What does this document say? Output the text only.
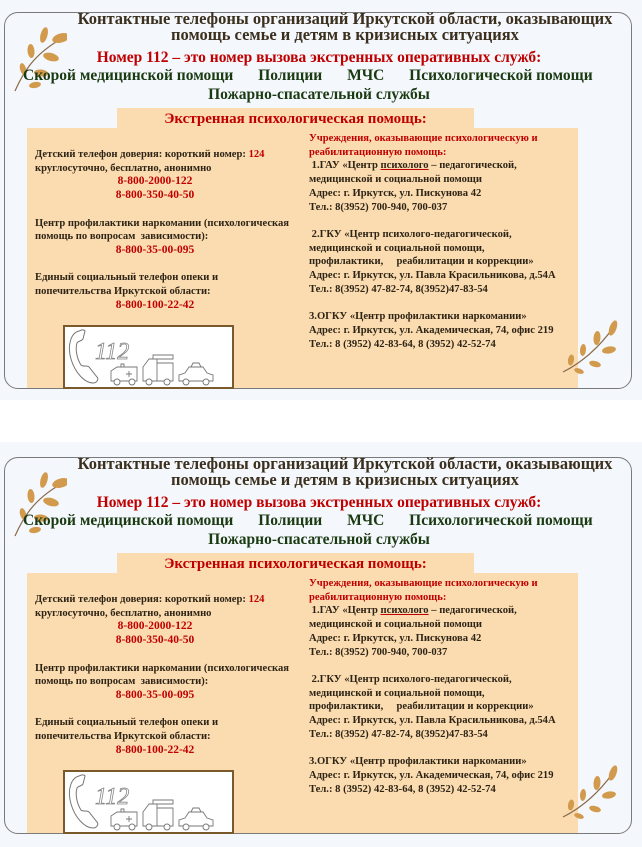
Контактные телефоны организаций Иркутской области, оказывающих
помощь семье и детям в кризисных ситуациях
Номер 112 – это номер вызова экстренных оперативных служб:
Скорой медицинской помощи Полиции МЧС Психологической помощи
Пожарно-спасательной службы
Экстренная психологическая помощь:
Детский телефон доверия: короткий номер: 124
круглосуточно, бесплатно, анонимно
8-800-2000-122
8-800-350-40-50
Центр профилактики наркомании (психологическая
помощь по вопросам  зависимости):
8-800-35-00-095
Единый социальный телефон опеки и
попечительства Иркутской области:
8-800-100-22-42
112
Учреждения, оказывающие психологическую и
реабилитационную помощь:
1.ГАУ «Центр психолого – педагогической,
медицинской и социальной помощи
Адрес: г. Иркутск, ул. Пискунова 42
Тел.: 8(3952) 700-940, 700-037
2.ГКУ «Центр психолого-педагогической,
медицинской и социальной помощи,
профилактики,     реабилитации и коррекции»
Адрес: г. Иркутск, ул. Павла Красильникова, д.54А
Тел.: 8(3952) 47-82-74, 8(3952)47-83-54
3.ОГКУ «Центр профилактики наркомании»
Адрес: г. Иркутск, ул. Академическая, 74, офис 219
Тел.: 8 (3952) 42-83-64, 8 (3952) 42-52-74
Контактные телефоны организаций Иркутской области, оказывающих
помощь семье и детям в кризисных ситуациях
Номер 112 – это номер вызова экстренных оперативных служб:
Скорой медицинской помощи Полиции МЧС Психологической помощи
Пожарно-спасательной службы
Экстренная психологическая помощь:
Детский телефон доверия: короткий номер: 124
круглосуточно, бесплатно, анонимно
8-800-2000-122
8-800-350-40-50
Центр профилактики наркомании (психологическая
помощь по вопросам  зависимости):
8-800-35-00-095
Единый социальный телефон опеки и
попечительства Иркутской области:
8-800-100-22-42
112
Учреждения, оказывающие психологическую и
реабилитационную помощь:
1.ГАУ «Центр психолого – педагогической,
медицинской и социальной помощи
Адрес: г. Иркутск, ул. Пискунова 42
Тел.: 8(3952) 700-940, 700-037
2.ГКУ «Центр психолого-педагогической,
медицинской и социальной помощи,
профилактики,     реабилитации и коррекции»
Адрес: г. Иркутск, ул. Павла Красильникова, д.54А
Тел.: 8(3952) 47-82-74, 8(3952)47-83-54
3.ОГКУ «Центр профилактики наркомании»
Адрес: г. Иркутск, ул. Академическая, 74, офис 219
Тел.: 8 (3952) 42-83-64, 8 (3952) 42-52-74
